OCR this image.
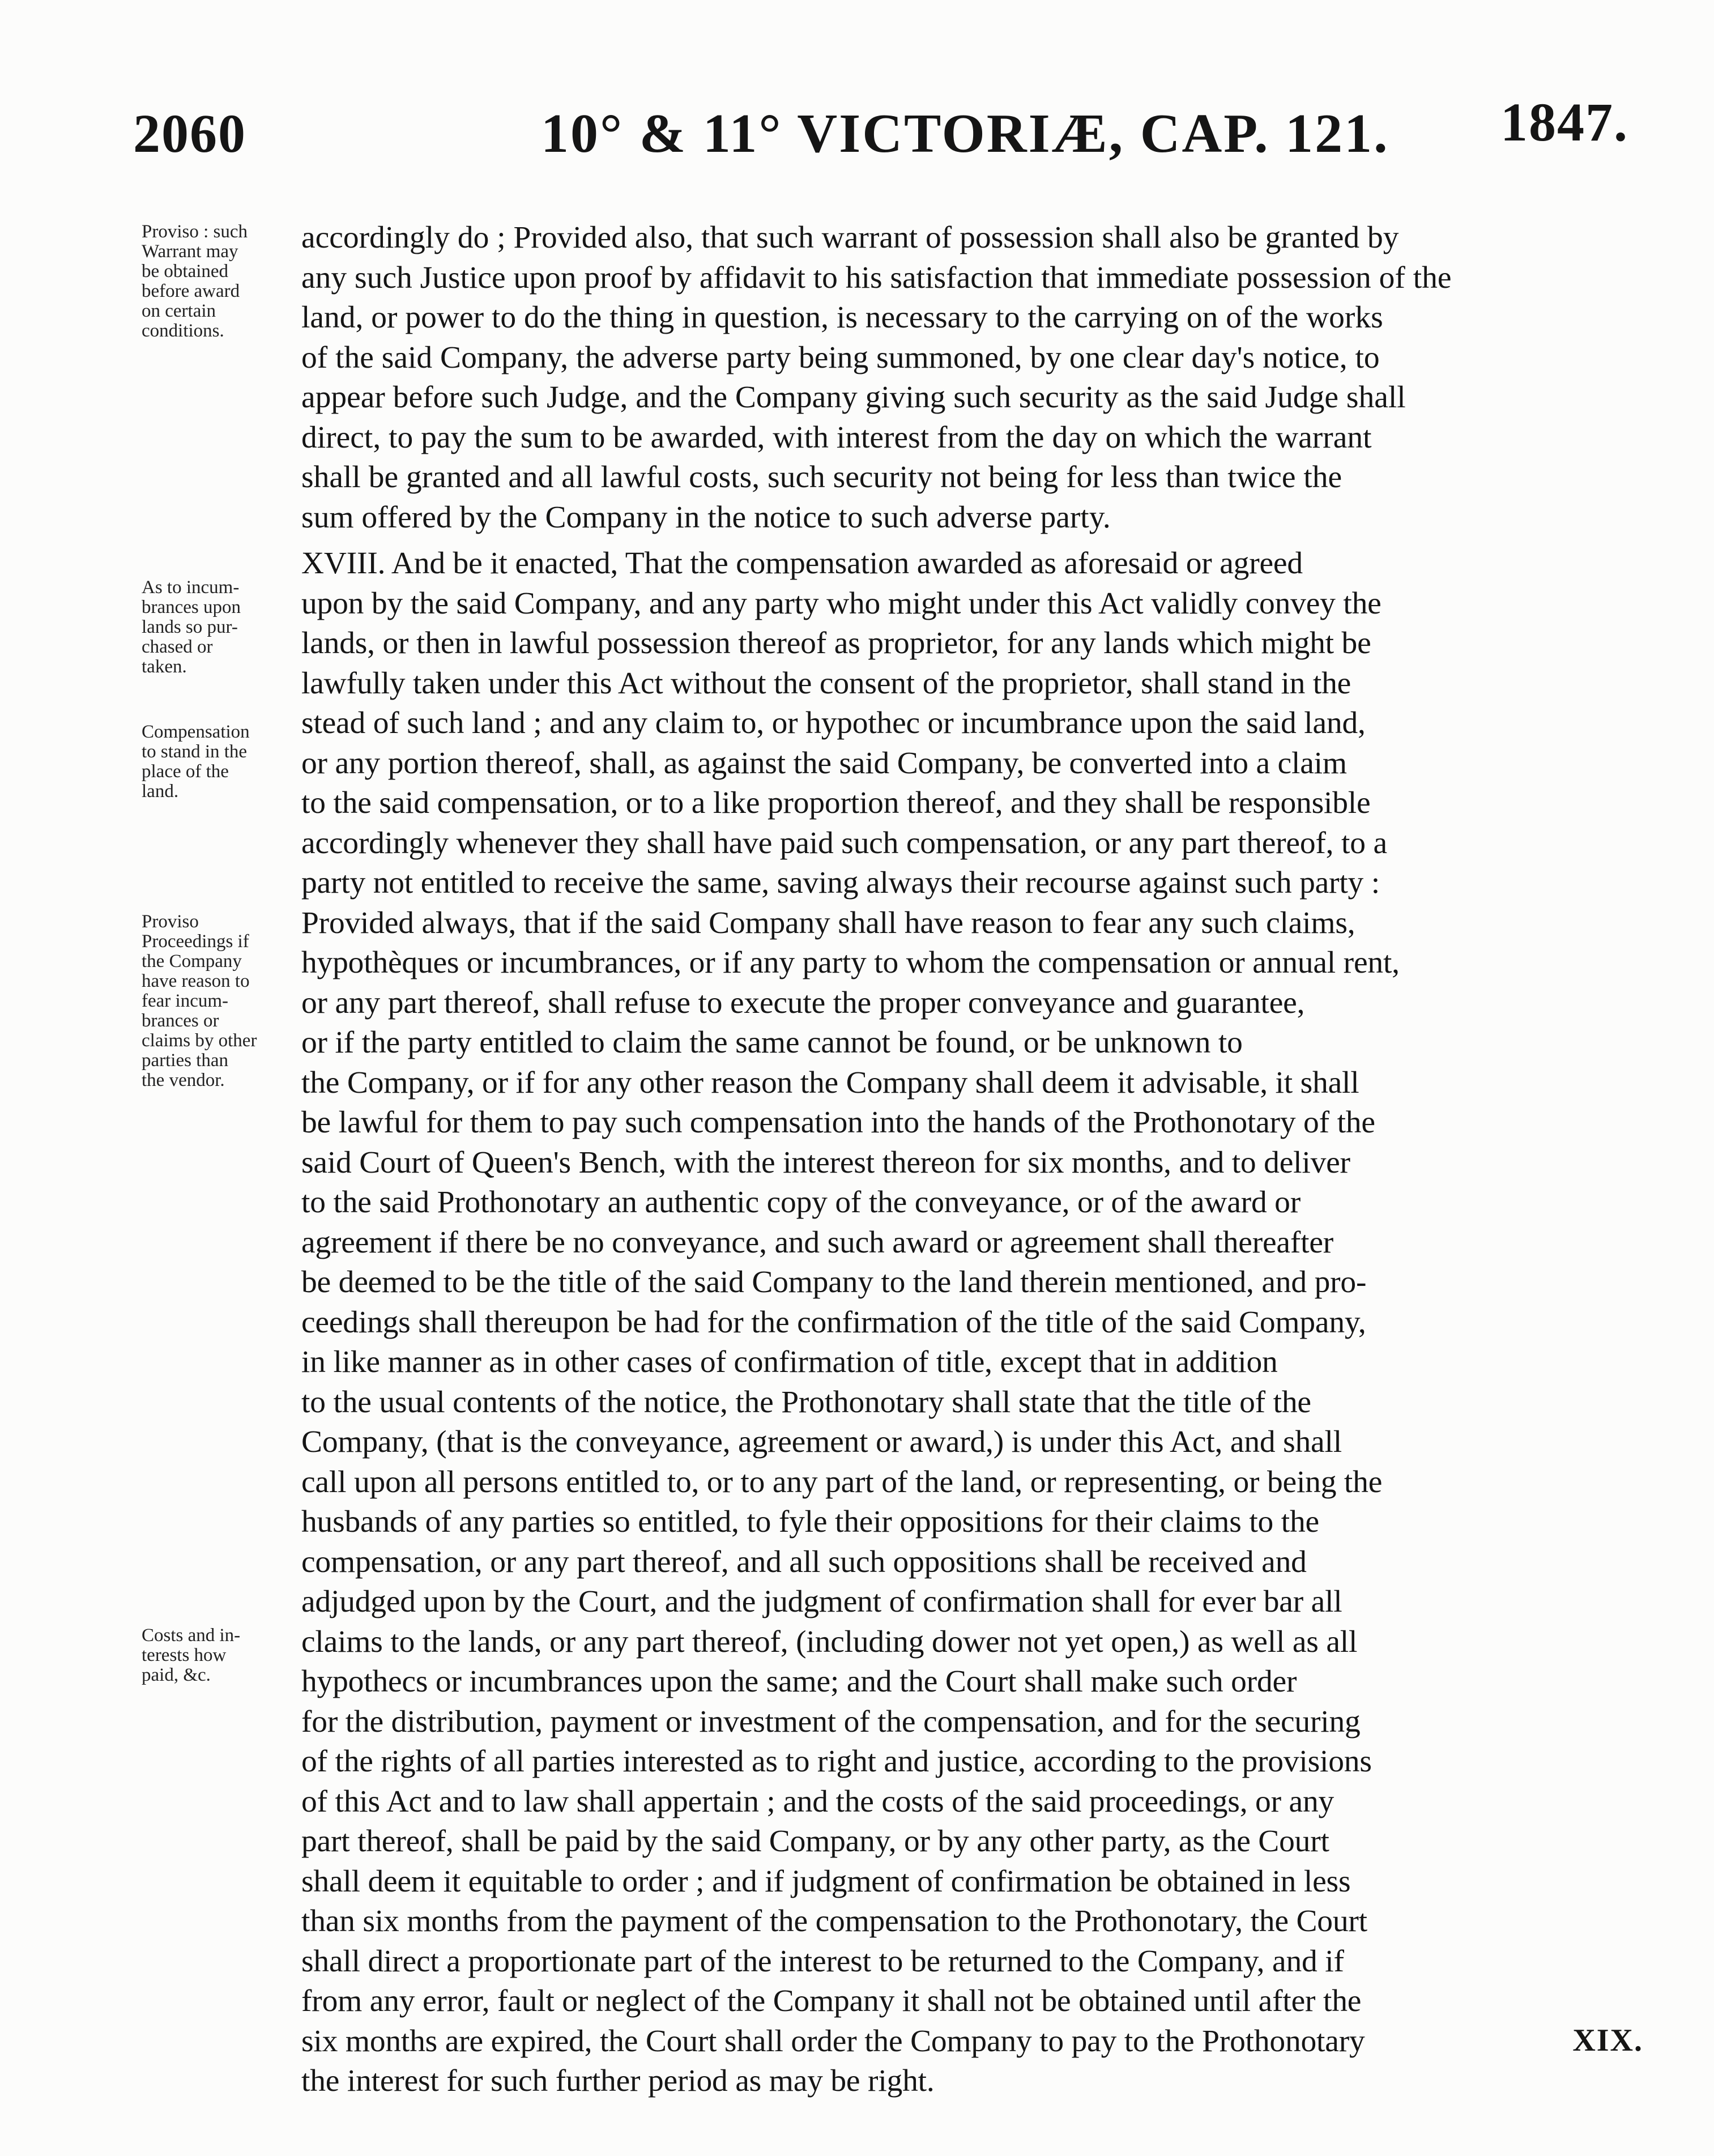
2060	10° & 11° VICTORIÆ, CAP. 121. 1847.
Proviso : such
Warrant may
be obtained
before award
on certain
conditions.
As to incum-
brances upon
lands so pur-
chased or
taken.
Compensation
to stand in the
place of the
land.
Proviso
Proceedings if
the Company
have reason to
fear incum-
brances or
claims by other
parties than
the vendor.
Costs and in-
terests how
paid, &c.
accordingly do ; Provided also, that such warrant of possession shall also be granted by
any such Justice upon proof by affidavit to his satisfaction that immediate possession of the
land, or power to do the thing in question, is necessary to the carrying on of the works
of the said Company, the adverse party being summoned, by one clear day's notice, to
appear before such Judge, and the Company giving such security as the said Judge shall
direct, to pay the sum to be awarded, with interest from the day on which the warrant
shall be granted and all lawful costs, such security not being for less than twice the
sum offered by the Company in the notice to such adverse party.
XVIII. And be it enacted, That the compensation awarded as aforesaid or agreed
upon by the said Company, and any party who might under this Act validly convey the
lands, or then in lawful possession thereof as proprietor, for any lands which might be
lawfully taken under this Act without the consent of the proprietor, shall stand in the
stead of such land ; and any claim to, or hypothec or incumbrance upon the said land,
or any portion thereof, shall, as against the said Company, be converted into a claim
to the said compensation, or to a like proportion thereof, and they shall be responsible
accordingly whenever they shall have paid such compensation, or any part thereof, to a
party not entitled to receive the same, saving always their recourse against such party :
Provided always, that if the said Company shall have reason to fear any such claims,
hypothèques or incumbrances, or if any party to whom the compensation or annual rent,
or any part thereof, shall refuse to execute the proper conveyance and guarantee,
or if the party entitled to claim the same cannot be found, or be unknown to
the Company, or if for any other reason the Company shall deem it advisable, it shall
be lawful for them to pay such compensation into the hands of the Prothonotary of the
said Court of Queen's Bench, with the interest thereon for six months, and to deliver
to the said Prothonotary an authentic copy of the conveyance, or of the award or
agreement if there be no conveyance, and such award or agreement shall thereafter
be deemed to be the title of the said Company to the land therein mentioned, and pro-
ceedings shall thereupon be had for the confirmation of the title of the said Company,
in like manner as in other cases of confirmation of title, except that in addition
to the usual contents of the notice, the Prothonotary shall state that the title of the
Company, (that is the conveyance, agreement or award,) is under this Act, and shall
call upon all persons entitled to, or to any part of the land, or representing, or being the
husbands of any parties so entitled, to fyle their oppositions for their claims to the
compensation, or any part thereof, and all such oppositions shall be received and
adjudged upon by the Court, and the judgment of confirmation shall for ever bar all
claims to the lands, or any part thereof, (including dower not yet open,) as well as all
hypothecs or incumbrances upon the same; and the Court shall make such order
for the distribution, payment or investment of the compensation, and for the securing
of the rights of all parties interested as to right and justice, according to the provisions
of this Act and to law shall appertain ; and the costs of the said proceedings, or any
part thereof, shall be paid by the said Company, or by any other party, as the Court
shall deem it equitable to order ; and if judgment of confirmation be obtained in less
than six months from the payment of the compensation to the Prothonotary, the Court
shall direct a proportionate part of the interest to be returned to the Company, and if
from any error, fault or neglect of the Company it shall not be obtained until after the
six months are expired, the Court shall order the Company to pay to the Prothonotary
the interest for such further period as may be right.
XIX.
